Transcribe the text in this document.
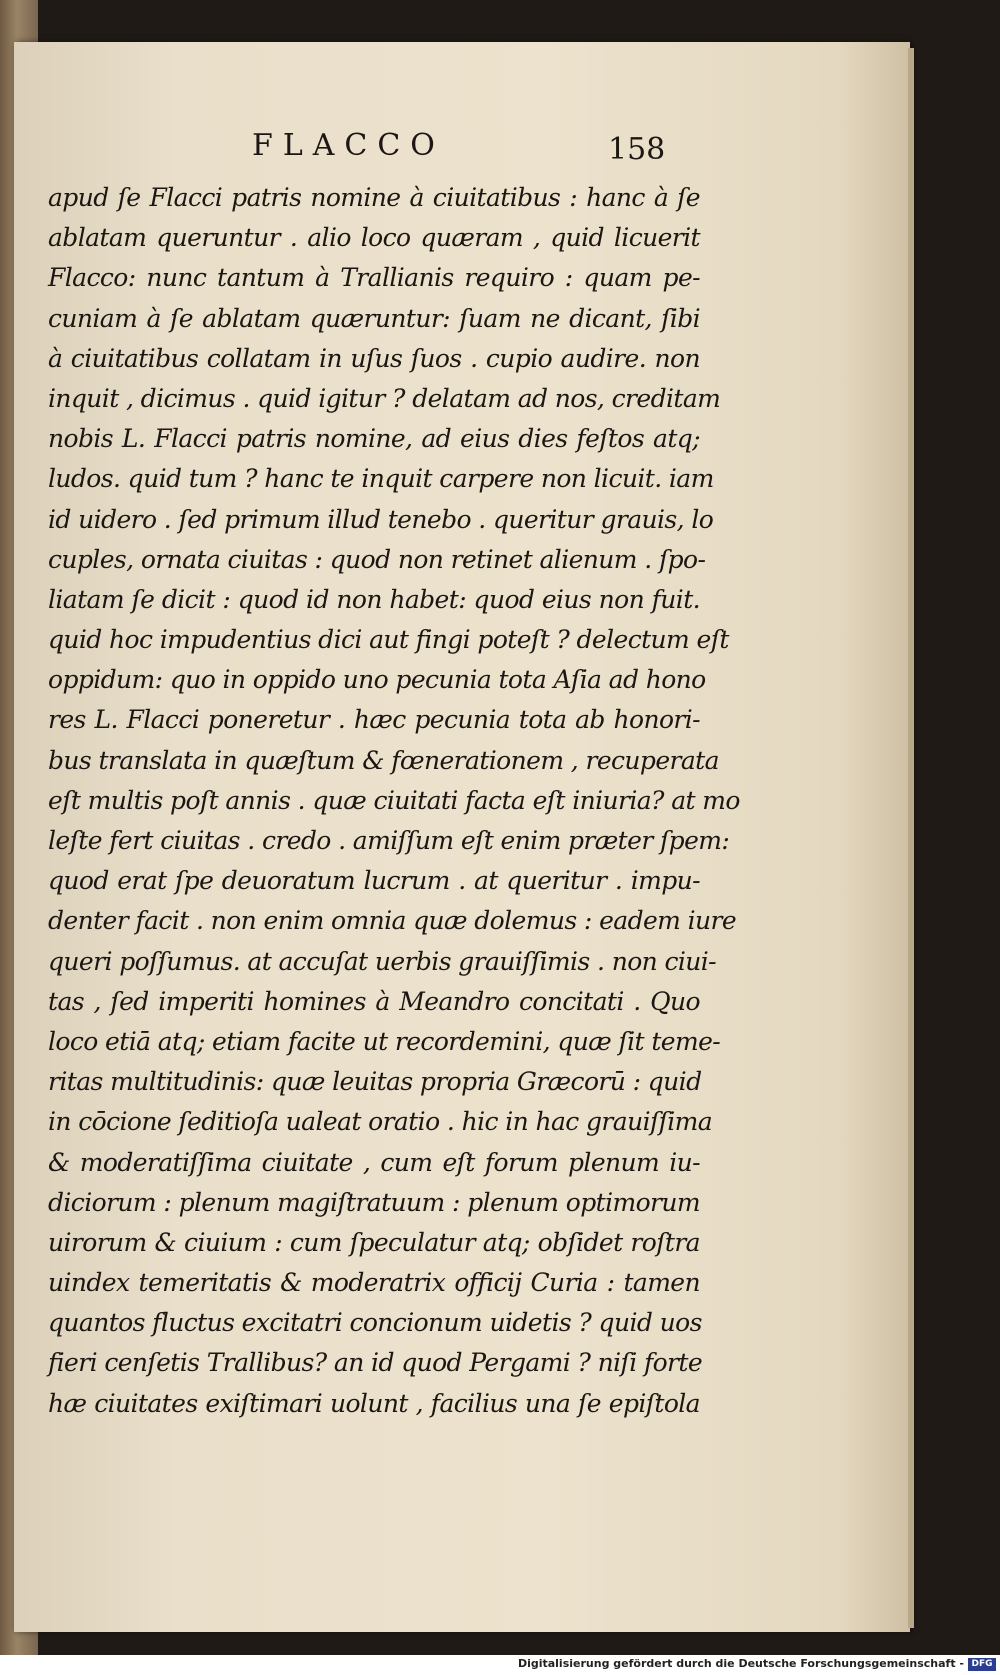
FLACCO	158
apud ſe Flacci patris nomine à ciuitatibus : hanc à ſe
ablatam queruntur . alio loco quæram , quid licuerit
Flacco: nunc tantum à Trallianis requiro : quam pe-
cuniam à ſe ablatam quæruntur: ſuam ne dicant, ſibi
à ciuitatibus collatam in uſus ſuos . cupio audire. non
inquit , dicimus . quid igitur ? delatam ad nos, creditam
nobis L. Flacci patris nomine, ad eius dies feſtos atq;
ludos. quid tum ? hanc te inquit carpere non licuit. iam
id uidero . ſed primum illud tenebo . queritur grauis, lo
cuples, ornata ciuitas : quod non retinet alienum . ſpo-
liatam ſe dicit : quod id non habet: quod eius non fuit.
quid hoc impudentius dici aut fingi poteſt ? delectum eſt
oppidum: quo in oppido uno pecunia tota Aſia ad hono
res L. Flacci poneretur . hæc pecunia tota ab honori-
bus translata in quæſtum & fœnerationem , recuperata
eſt multis poſt annis . quæ ciuitati facta eſt iniuria? at mo
leſte fert ciuitas . credo . amiſſum eſt enim præter ſpem:
quod erat ſpe deuoratum lucrum . at queritur . impu-
denter facit . non enim omnia quæ dolemus : eadem iure
queri poſſumus. at accuſat uerbis grauiſſimis . non ciui-
tas , ſed imperiti homines à Meandro concitati . Quo
loco etiā atq; etiam facite ut recordemini, quæ ſit teme-
ritas multitudinis: quæ leuitas propria Græcorū : quid
in cōcione ſeditioſa ualeat oratio . hic in hac grauiſſima
& moderatiſſima ciuitate , cum eſt forum plenum iu-
diciorum : plenum magiſtratuum : plenum optimorum
uirorum & ciuium : cum ſpeculatur atq; obſidet roſtra
uindex temeritatis & moderatrix officij Curia : tamen
quantos fluctus excitatri concionum uidetis ? quid uos
fieri cenſetis Trallibus? an id quod Pergami ? niſi forte
hæ ciuitates exiſtimari uolunt , facilius una ſe epiſtola
Digitalisierung gefördert durch die Deutsche Forschungsgemeinschaft - DFG
